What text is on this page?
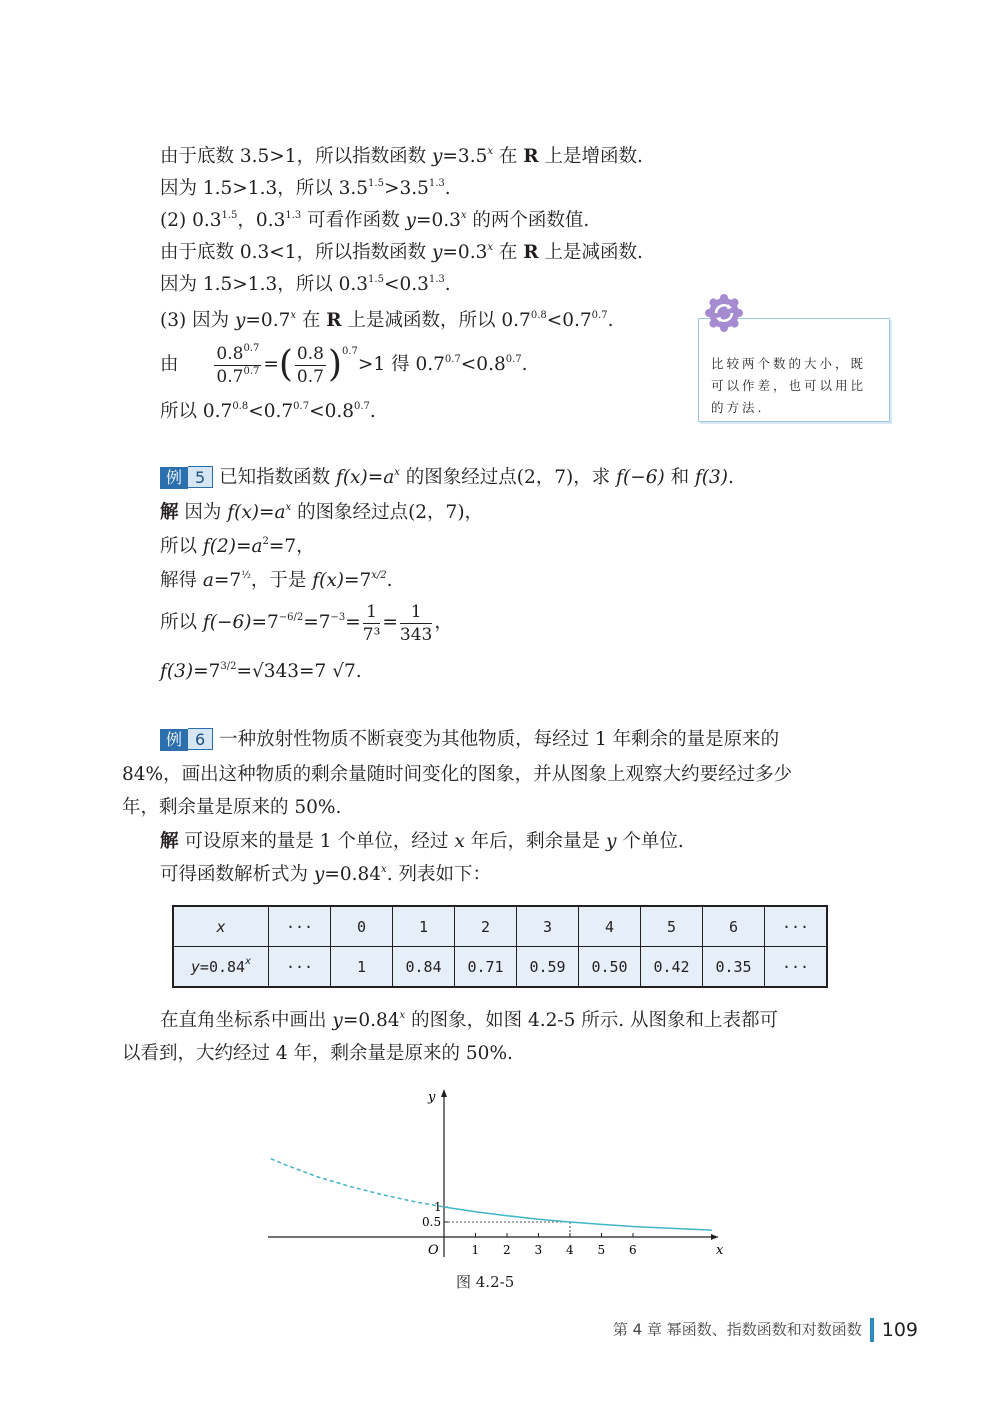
由于底数 3.5>1，所以指数函数 $y=3.5^x$ 在 R 上是增函数.
因为 1.5>1.3，所以 $3.5^{1.5}>3.5^{1.3}$.
(2) $0.3^{1.5}$，$0.3^{1.3}$ 可看作函数 $y=0.3^x$ 的两个函数值.
由于底数 0.3<1，所以指数函数 $y=0.3^x$ 在 R 上是减函数.
因为 1.5>1.3，所以 $0.3^{1.5}<0.3^{1.3}$.
(3) 因为 $y=0.7^x$ 在 R 上是减函数，所以 $0.7^{0.8}<0.7^{0.7}$.
由 $\frac{0.8^{0.7}}{0.7^{0.7}}$ =( $\frac{0.8}{0.7} )^{0.7}>1$ 得 $0.7^{0.7}<0.8^{0.7}$.
所以 $0.7^{0.8}<0.7^{0.7}<0.8^{0.7}$.
比较两个数的大小，既可以作差，也可以用比的方法.
例 5 已知指数函数 $f(x)=a^x$ 的图象经过点(2，7)，求 f(−6) 和 f(3).
解 因为 $f(x)=a^x$ 的图象经过点(2，7)，
所以 $f(2)=a^2=7$，
解得 $a=7^{\frac{1}{2}}$，于是 $f(x)=7^{x/2}$.
所以 $f(-6)=7^{-6/2}=7^{-3}= \frac{1}{\text{7³}} = \frac{1}{343}$ ，
$f(3)=7^{3/2}=√343=7$ √7.
例 6 一种放射性物质不断衰变为其他物质，每经过 1 年剩余的量是原来的
84%，画出这种物质的剩余量随时间变化的图象，并从图象上观察大约要经过多少
年，剩余量是原来的 50%.
解 可设原来的量是 1 个单位，经过 x 年后，剩余量是 y 个单位.
可得函数解析式为 $y=0.84^x$. 列表如下：
x	···	0	1	2	3	4	5	6	···
$y=0.84^x$	···	1	0.84	0.71	0.59	0.50	0.42	0.35	···
在直角坐标系中画出 $y=0.84^x$ 的图象，如图 4.2-5 所示. 从图象和上表都可
以看到，大约经过 4 年，剩余量是原来的 50%.
x
y
O	1 2 3 4 5 6
1
0.5
图 4.2-5
第 4 章 幂函数、指数函数和对数函数 109
